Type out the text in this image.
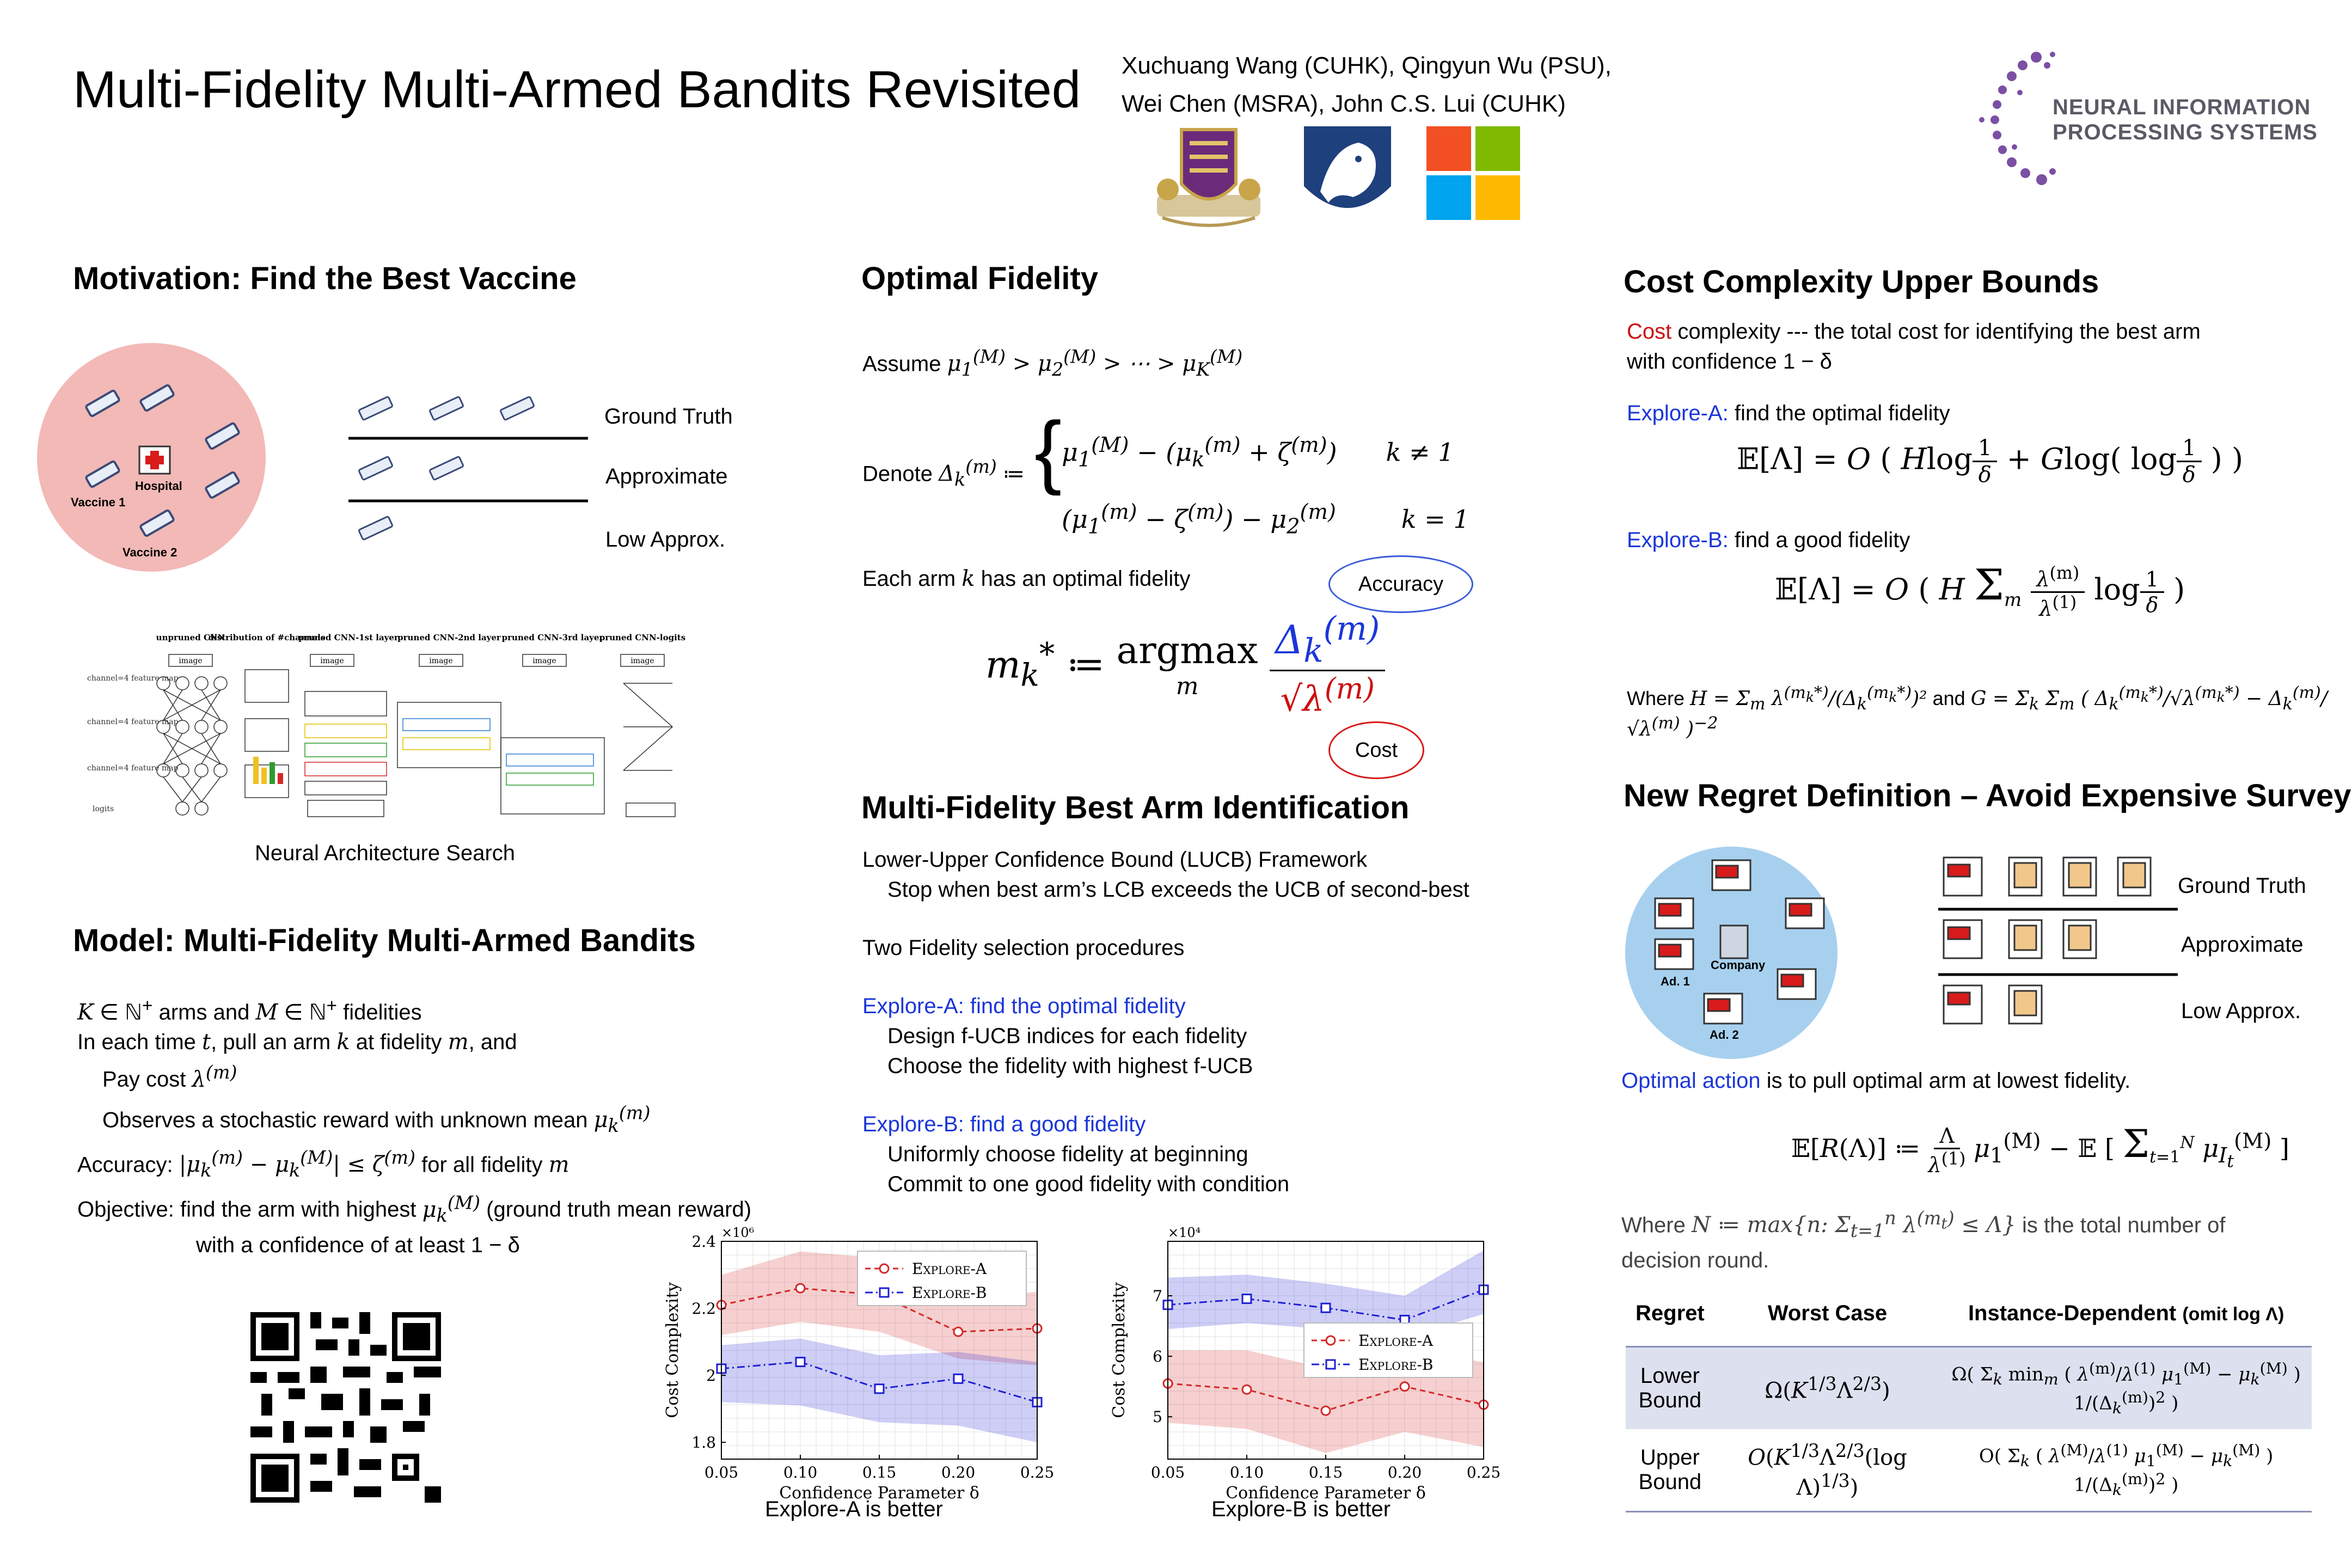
Multi-Fidelity Multi-Armed Bandits Revisited Xuchuang Wang (CUHK), Qingyun Wu (PSU),
Wei Chen (MSRA), John C.S. Lui (CUHK)	NEURAL INFORMATION
PROCESSING SYSTEMS
Motivation: Find the Best Vaccine
Hospital
Vaccine 1
Vaccine 2
Ground Truth
Approximate
Low Approx.
unpruned CNN
distribution of #channels
pruned CNN-1st layer
pruned CNN-2nd layer pruned CNN-3rd layer
pruned CNN-logits
channel=4 feature map
channel=4 feature map
channel=4 feature map
logits
image	image	image	image	image
Neural Architecture Search
Model: Multi-Fidelity Multi-Armed Bandits
K ∈ ℕ+ arms and M ∈ ℕ+ fidelities
In each time t, pull an arm k at fidelity m, and
Pay cost $\lambda^{(m)}$
Observes a stochastic reward with unknown mean $\mu_k^{(m)}$
Accuracy: $|\mu_k^{(m)} - \mu_k^{(M)}| \le \zeta^{(m)}$ for all fidelity m
Objective: find the arm with highest $\mu_k^{(M)}$ (ground truth mean reward)
with a confidence of at least 1 − δ
Optimal Fidelity
Assume $\mu_1^{(M)} > \mu_2^{(M)}$ > ⋯ > $\mu_K^{(M)}$
Denote $\Delta_k^{(m)}$ ≔ { $\mu_1^{(M)} - (\mu_k^{(m)} + \zeta^{(m)}) k \ne 1$
$(\mu_1^{(m)} - \zeta^{(m)}) - \mu_2^{(m)}$	k = 1
Each arm k has an optimal fidelity	Accuracy
$m_k^*$ ≔ argmax
m
$\frac{\Delta_k^{(m)}}{√\lambda^{(m)}}$
Cost
Multi-Fidelity Best Arm Identification
Lower-Upper Confidence Bound (LUCB) Framework
Stop when best arm’s LCB exceeds the UCB of second-best
Two Fidelity selection procedures
Explore-A: find the optimal fidelity
Design f-UCB indices for each fidelity
Choose the fidelity with highest f-UCB
Explore-B: find a good fidelity
Uniformly choose fidelity at beginning
Commit to one good fidelity with condition
0.05	0.10	0.15	0.20	0.25
1.8
2
2.2
2.4 ×10⁶
Confidence Parameter δ
Cost Complexity
Explore-A
Explore-B
Explore-A is better
0.05	0.10	0.15	0.20	0.25
5
6
7
×10⁴
Confidence Parameter δ
Cost Complexity	Explore-A
Explore-B
Explore-B is better
Cost Complexity Upper Bounds
Cost complexity --- the total cost for identifying the best arm
with confidence 1 − δ
Explore-A: find the optimal fidelity
𝔼[Λ] = O ( Hlog $\frac{1}{\delta} + Glog$( $\log \frac{1}{\delta}$ ) )
Explore-B: find a good fidelity
𝔼[Λ] = O ( H $\Sigma_m \frac{\lambda^{(m)}}{\lambda^{(1)}}$ $\log \frac{1}{\delta}$ )
Where $H = \Sigma_m$ $\lambda^{(m_k*)}/(\Delta_k^{(m_k*)})^2$ and $G = \Sigma_k$ $\Sigma_m$ ( $\Delta_k^{(m_k*)}/√\lambda^{(m_k*)} - \Delta_k^{(m)}/√\lambda^{(m)}$ )$^{-2}$
New Regret Definition – Avoid Expensive Survey
Company
Ad. 1
Ad. 2
Ground Truth
Approximate
Low Approx.
Optimal action is to pull optimal arm at lowest fidelity.
𝔼[R(Λ)] ≔ $\frac{\Lambda}{\lambda^{(1)}} \mu_1^{(M)}$ − 𝔼 [ $\Sigma_{t=1}^N$ $\mu_{I_t}^{(M)}$ ]
Where N ≔ max{n: $\Sigma_{t=1}^n$ $\lambda^{(m_t)} \le \Lambda$} is the total number of
decision round.
Regret	Worst Case	Instance-Dependent (omit log Λ)

Lower
Bound	$\Omega(K^{1/3}\Lambda^{2/3})$	Ω( $\Sigma_k$ $\min_m$ ( $\lambda^{(m)}/\lambda^{(1)}$ $\mu_1^{(M)} - \mu_k^{(M)}$ ) $1/(\Delta_k^{(m)})^2$ )

Upper
Bound	$O(K^{1/3}\Lambda^{2/3}(\log$ Λ)$^{1/3}$)	O( $\Sigma_k$ ( $\lambda^{(M)}/\lambda^{(1)}$ $\mu_1^{(M)} - \mu_k^{(M)}$ ) $1/(\Delta_k^{(m)})^2$ )
